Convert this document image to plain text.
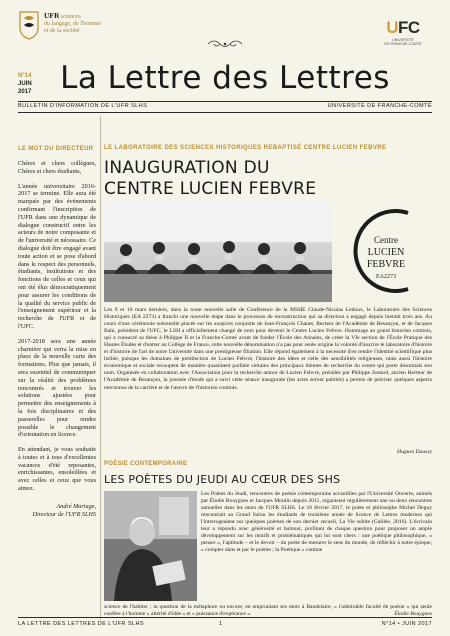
UFR sciences
du langage, de l'homme
et de la société	UFC
UNIVERSITÉ
DE FRANCHE-COMTÉ
N°14
JUIN
2017 La Lettre des Lettres
BULLETIN D'INFORMATION DE L'UFR SLHS	UNIVERSITÉ DE FRANCHE-COMTÉ
LE MOT DU DIRECTEUR

Chères et chers collègues, Chères et chers étudiants,

L'année universitaire 2016-2017 se termine. Elle aura été marquée par des événements confirmant l'inscription de l'UFR dans une dynamique de dialogue constructif entre les acteurs de notre composante et de l'université et nécessaire. Ce dialogue doit être engagé avant toute action et se pose d'abord dans le respect des personnels, étudiants, institutions et des fonctions de celles et ceux qui ont été élus démocratiquement pour assurer les conditions de la qualité du service public de l'enseignement supérieur et la recherche de l'UFR et de l'UFC.

2017-2018 sera une année charnière qui verra la mise en place de la nouvelle carte des formations. Plus que jamais, il sera essentiel de communiquer sur la réalité des problèmes rencontrés et trouver les solutions ajustées pour permettre des enseignements à la fois disciplinaires et des passerelles pour rendre possible le changement d'orientation en licence.

En attendant, je vous souhaite à toutes et à tous d'excellentes vacances d'été reposantes, enrichissantes, ensoleillées et avec celles et ceux que vous aimez.

André Mariage,
Directeur de l'UFR SLHS
LE LABORATOIRE DES SCIENCES HISTORIQUES REBAPTISÉ CENTRE LUCIEN FEBVRE
INAUGURATION DU CENTRE LUCIEN FEBVRE
Centre
LUCIEN
FEBVRE
EA2273
Les 9 et 10 mars derniers, dans la toute nouvelle salle de Conférence de la MSHE Claude-Nicolas Ledoux, le Laboratoire des Sciences Historiques (EA 2273) a franchi une nouvelle étape dans le processus de reconstruction qui sa direction a engagé depuis bientôt trois ans. Au cours d'une cérémonie solennelle placée sur les auspices conjoints de Jean-François Chanet, Recteur de l'Académie de Besançon, et de Jacques Bahi, président de l'UFC, le LSH a officiellement changé de nom pour devenir le Centre Lucien Febvre. Hommage au grand historien comtois, qui a consacré sa thèse à Philippe II et la Franche-Comté avant de fonder l'École des Annales, de créer la VIe section de l'École Pratique des Hautes Études et d'entrer au Collège de France, cette nouvelle dénomination n'a pas pour seule origine la volonté d'inscrire le laboratoire d'histoire et d'histoire de l'art de notre Université dans une prestigieuse filiation. Elle répond également à la nécessité d'en rendre l'identité scientifique plus lisible, puisque les domaines de prédilection de Lucien Febvre, l'histoire des idées et celle des sensibilités religieuses, mais aussi l'histoire économique et sociale recoupent de manière quasiment parfaite certains des principaux thèmes de recherche du centre qui porte désormais son nom. Organisée en collaboration avec l'Association pour la recherche autour de Lucien Febvre, présidée par Philippe Joutard, ancien Recteur de l'Académie de Besançon, la journée d'étude qui a suivi cette séance inaugurale (les actes seront publiés) a permis de préciser quelques aspects méconnus de la carrière et de l'œuvre de l'historien comtois.
Hugues Daussy
POÉSIE CONTEMPORAINE
LES POÈTES DU JEUDI AU CŒUR DES SHS
Les Poètes du Jeudi, rencontres de poésie contemporaine accueillies par l'Université Ouverte, animés par Élodie Bouygues et Jacques Moulin depuis 2011, organisent régulièrement une ou deux rencontres annuelles dans les murs de l'UFR SLHS. Le 16 février 2017, le poète et philosophe Michel Deguy rencontrait au Grand Salon les étudiants de troisième année de licence de Lettres modernes qui l'interrogeaient sur quelques poèmes de son dernier recueil, La Vie subite (Galilée, 2016). L'écrivain leur a répondu avec générosité et humour, profitant de chaque question pour proposer un ample développement sur les motifs et problématiques qui lui sont chers : une poétique philosophique, « penser », l'aptitude – et le devoir – du poète de mesurer le sens du monde, de réfléchir à notre époque, « compter dans et par le poème ; la Poétique » comme
science de l'habiter ; la question de la métaphore ou encore, en empruntant ses mots à Baudelaire, « l'admirable faculté de poésie » qui seule confère à l'homme « altérité d'idée » et « puissance d'expérance ».	Élodie Bouygues
LA LETTRE DES LETTRES DE L'UFR SLHS	1	N°14 • JUIN 2017
